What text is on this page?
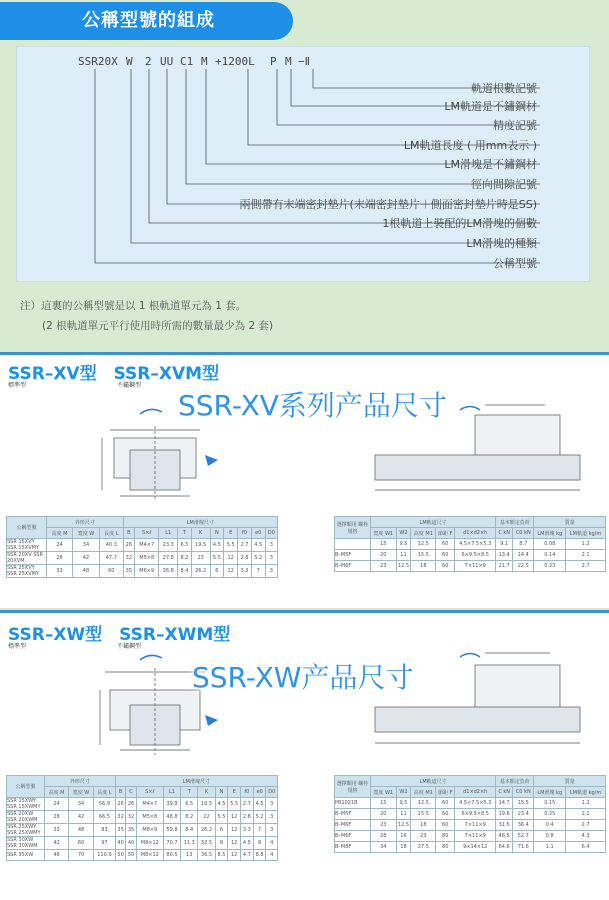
公稱型號的組成
SSR20X W 2 UU C1 M +1200L P M −Ⅱ
軌道根數記號
LM軌道是不鏽鋼材
精度記號
LM軌道長度 ( 用mm表示 )
LM滑塊是不鏽鋼材
徑向間隙記號
兩側帶有末端密封墊片(末端密封墊片＋側面密封墊片時是SS)
1根軌道上裝配的LM滑塊的個數
LM滑塊的種類
公稱型號
注）這裏的公稱型號是以 1 根軌道單元為 1 套。
(2 根軌道單元平行使用時所需的數量最少為 2 套)
SSR–XV型　SSR–XVM型
標準型	不鏽鋼型
SSR-XV系列产品尺寸
公稱型號	外形尺寸			LM滑塊尺寸									
	高度 M	寬度 W	長度 L	B	S×ℓ	L1	T	K	N	E	f0	e0	D0
SSR 15XVY SSR 15XVMY	24	34	40.3	26	M4×7	23.3	6.5	19.5	4.5	5.5	2.7	4.5	3
SSR 20XV SSR 20XVM	28	42	47.7	32	M5×8	27.8	8.2	23	5.5	12	2.8	5.2	3
SSR 25XVY SSR 25XVMY	33	48	60	35	M6×9	36.8	8.4	26.2	6	12	3.3	7	3
選擇顆用 螺栓規格	LM軌道尺寸					基本額定負荷		質量	
	寬度 W1	W2	高度 M1	節距 F	d1×d2×h	C kN	C0 kN	LM滑塊 kg	LM軌道 kg/m
	15	9.5	12.5	60	4.5×7.5×5.3	9.1	8.7	0.08	1.2
B–M5F	20	11	15.5	60	6×9.5×8.5	13.4	14.4	0.14	2.1
B–M6F	23	12.5	18	60	7×11×9	21.7	22.5	0.23	2.7
SSR–XW型　SSR–XWM型
標準型	不鏽鋼型
SSR-XW产品尺寸
公稱型號	外形尺寸			LM滑塊尺寸										
	高度 M	寬度 W	長度 L	B	C	S×ℓ	L1	T	K	N	E	f0	e0	D0
SSR 15XWY SSR 15XWMY	24	34	56.9	26	26	M4×7	39.9	6.5	19.5	4.5	5.5	2.7	4.5	3
SSR 20XW SSR 20XWM	28	42	66.5	32	32	M5×8	48.8	8.2	22	5.5	12	2.8	5.2	3
SSR 25XWY SSR 25XWMY	33	48	83	35	35	M6×9	59.8	8.4	26.2	6	12	3.3	7	3
SSR 30XW SSR 30XWM	42	60	97	40	40	M8×12	70.7	11.3	32.5	8	12	4.5	8	4
SSR 35XW	48	70	110.9	50	50	M8×12	80.5	13	36.5	8.5	12	4.7	8.8	4
選擇顆用 螺栓規格	LM軌道尺寸					基本額定負荷		質量	
	寬度 W1	W2	高度 M1	節距 F	d1×d2×h	C kN	C0 kN	LM滑塊 kg	LM軌道 kg/m
PB1021B	15	9.5	12.5	60	4.5×7.5×5.3	14.7	15.5	0.15	1.2
B–M5F	20	11	15.5	60	6×9.5×8.5	19.6	23.4	0.25	2.1
B–M6F	23	12.5	18	60	7×11×9	31.5	36.4	0.4	2.7
B–M6F	28	16	23	80	7×11×9	46.5	52.7	0.8	4.3
B–M8F	34	18	27.5	80	9×14×12	64.6	71.6	1.1	6.4
